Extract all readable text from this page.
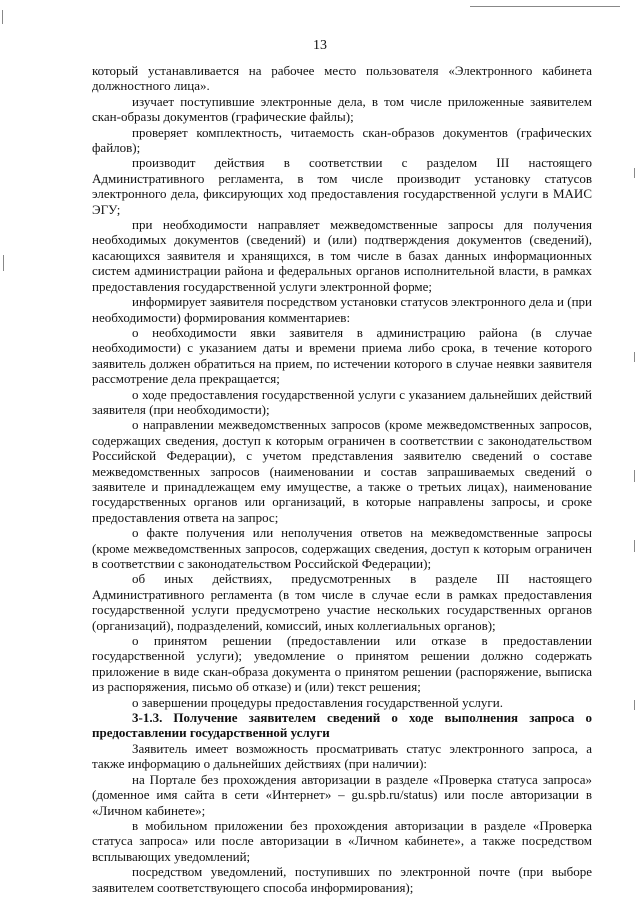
13

который устанавливается на рабочее место пользователя «Электронного кабинета должностного лица».

изучает поступившие электронные дела, в том числе приложенные заявителем скан-образы документов (графические файлы);

проверяет комплектность, читаемость скан-образов документов (графических файлов);

производит действия в соответствии с разделом III настоящего Административного регламента, в том числе производит установку статусов электронного дела, фиксирующих ход предоставления государственной услуги в МАИС ЭГУ;

при необходимости направляет межведомственные запросы для получения необходимых документов (сведений) и (или) подтверждения документов (сведений), касающихся заявителя и хранящихся, в том числе в базах данных информационных систем администрации района и федеральных органов исполнительной власти, в рамках предоставления государственной услуги электронной форме;

информирует заявителя посредством установки статусов электронного дела и (при необходимости) формирования комментариев:

о необходимости явки заявителя в администрацию района (в случае необходимости) с указанием даты и времени приема либо срока, в течение которого заявитель должен обратиться на прием, по истечении которого в случае неявки заявителя рассмотрение дела прекращается;

о ходе предоставления государственной услуги с указанием дальнейших действий заявителя (при необходимости);

о направлении межведомственных запросов (кроме межведомственных запросов, содержащих сведения, доступ к которым ограничен в соответствии с законодательством Российской Федерации), с учетом представления заявителю сведений о составе межведомственных запросов (наименовании и состав запрашиваемых сведений о заявителе и принадлежащем ему имуществе, а также о третьих лицах), наименование государственных органов или организаций, в которые направлены запросы, и сроке предоставления ответа на запрос;

о факте получения или неполучения ответов на межведомственные запросы (кроме межведомственных запросов, содержащих сведения, доступ к которым ограничен в соответствии с законодательством Российской Федерации);

об иных действиях, предусмотренных в разделе III настоящего Административного регламента (в том числе в случае если в рамках предоставления государственной услуги предусмотрено участие нескольких государственных органов (организаций), подразделений, комиссий, иных коллегиальных органов);

о принятом решении (предоставлении или отказе в предоставлении государственной услуги); уведомление о принятом решении должно содержать приложение в виде скан-образа документа о принятом решении (распоряжение, выписка из распоряжения, письмо об отказе) и (или) текст решения;

о завершении процедуры предоставления государственной услуги.

3-1.3. Получение заявителем сведений о ходе выполнения запроса о предоставлении государственной услуги

Заявитель имеет возможность просматривать статус электронного запроса, а также информацию о дальнейших действиях (при наличии):

на Портале без прохождения авторизации в разделе «Проверка статуса запроса» (доменное имя сайта в сети «Интернет» – gu.spb.ru/status) или после авторизации в «Личном кабинете»;

в мобильном приложении без прохождения авторизации в разделе «Проверка статуса запроса» или после авторизации в «Личном кабинете», а также посредством всплывающих уведомлений;

посредством уведомлений, поступивших по электронной почте (при выборе заявителем соответствующего способа информирования);
